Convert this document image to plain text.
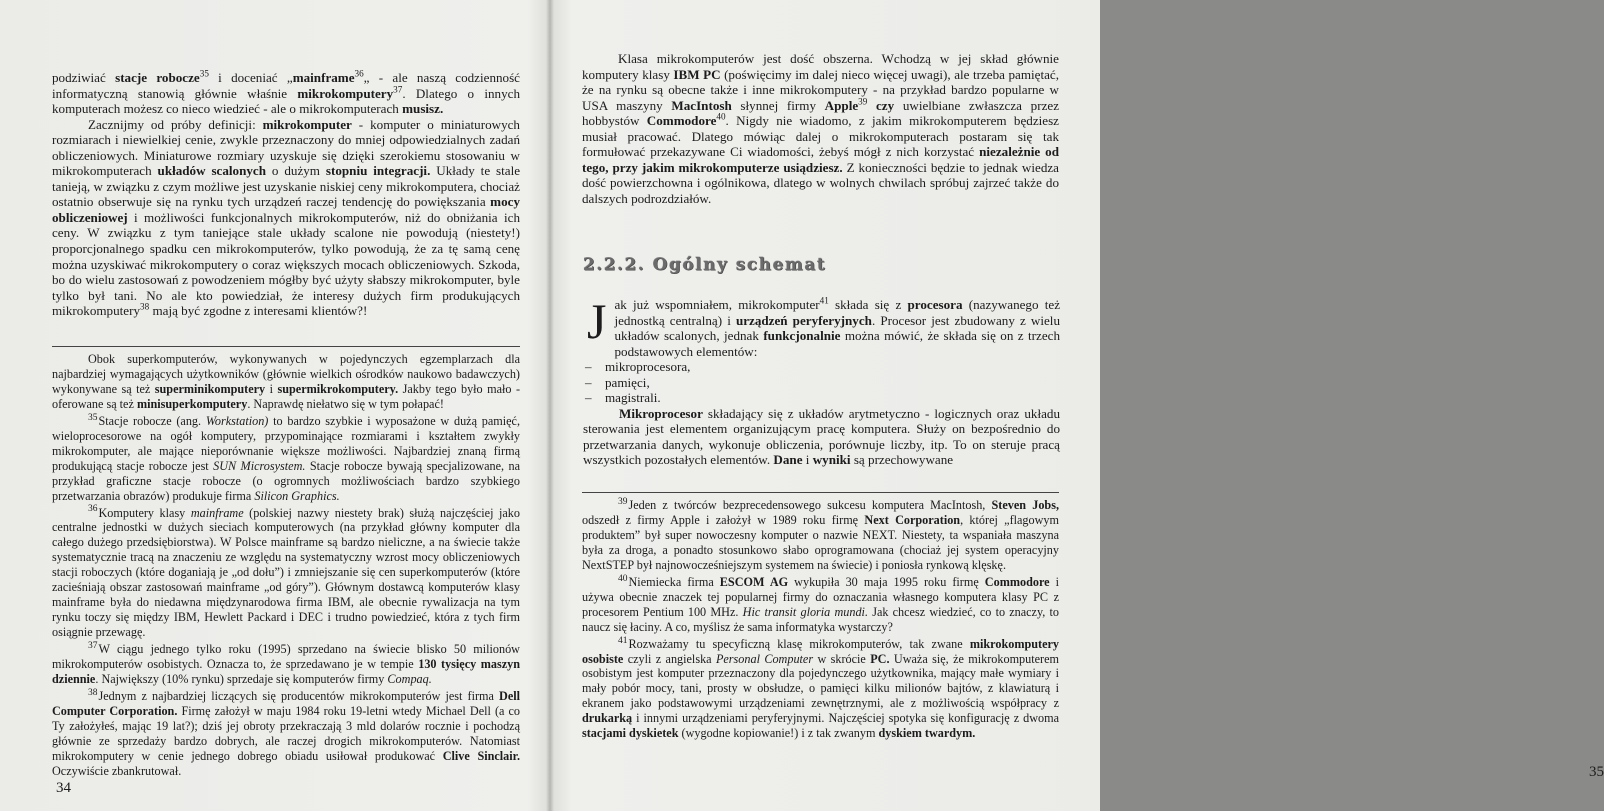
podziwiać stacje robocze$^{35}$ i doceniać „mainframe$^{36}$„ - ale naszą codzienność informatyczną stanowią głównie właśnie mikrokomputery$^{37}$. Dlatego o innych komputerach możesz co nieco wiedzieć - ale o mikrokomputerach musisz.

Zacznijmy od próby definicji: mikrokomputer - komputer o miniaturowych rozmiarach i niewielkiej cenie, zwykle przeznaczony do mniej odpowiedzialnych zadań obliczeniowych. Miniaturowe rozmiary uzyskuje się dzięki szerokiemu stosowaniu w mikrokomputerach układów scalonych o dużym stopniu integracji. Układy te stale tanieją, w związku z czym możliwe jest uzyskanie niskiej ceny mikrokomputera, chociaż ostatnio obserwuje się na rynku tych urządzeń raczej tendencję do powiększania mocy obliczeniowej i możliwości funkcjonalnych mikrokomputerów, niż do obniżania ich ceny. W związku z tym taniejące stale układy scalone nie powodują (niestety!) proporcjonalnego spadku cen mikrokomputerów, tylko powodują, że za tę samą cenę można uzyskiwać mikrokomputery o coraz większych mocach obliczeniowych. Szkoda, bo do wielu zastosowań z powodzeniem mógłby być użyty słabszy mikrokomputer, byle tylko był tani. No ale kto powiedział, że interesy dużych firm produkujących mikrokomputery$^{38}$ mają być zgodne z interesami klientów?!

Obok superkomputerów, wykonywanych w pojedynczych egzemplarzach dla najbardziej wymagających użytkowników (głównie wielkich ośrodków naukowo badawczych) wykonywane są też superminikomputery i supermikrokomputery. Jakby tego było mało - oferowane są też minisuperkomputery. Naprawdę niełatwo się w tym połapać!

$^{35}$Stacje robocze (ang. Workstation) to bardzo szybkie i wyposażone w dużą pamięć, wieloprocesorowe na ogół komputery, przypominające rozmiarami i kształtem zwykły mikrokomputer, ale mające nieporównanie większe możliwości. Najbardziej znaną firmą produkującą stacje robocze jest SUN Microsystem. Stacje robocze bywają specjalizowane, na przykład graficzne stacje robocze (o ogromnych możliwościach bardzo szybkiego przetwarzania obrazów) produkuje firma Silicon Graphics.

$^{36}$Komputery klasy mainframe (polskiej nazwy niestety brak) służą najczęściej jako centralne jednostki w dużych sieciach komputerowych (na przykład główny komputer dla całego dużego przedsiębiorstwa). W Polsce mainframe są bardzo nieliczne, a na świecie także systematycznie tracą na znaczeniu ze względu na systematyczny wzrost mocy obliczeniowych stacji roboczych (które doganiają je „od dołu”) i zmniejszanie się cen superkomputerów (które zacieśniają obszar zastosowań mainframe „od góry”). Głównym dostawcą komputerów klasy mainframe była do niedawna międzynarodowa firma IBM, ale obecnie rywalizacja na tym rynku toczy się między IBM, Hewlett Packard i DEC i trudno powiedzieć, która z tych firm osiągnie przewagę.

$^{37}$W ciągu jednego tylko roku (1995) sprzedano na świecie blisko 50 milionów mikrokomputerów osobistych. Oznacza to, że sprzedawano je w tempie 130 tysięcy maszyn dziennie. Największy (10% rynku) sprzedaje się komputerów firmy Compaq.

$^{38}$Jednym z najbardziej liczących się producentów mikrokomputerów jest firma Dell Computer Corporation. Firmę założył w maju 1984 roku 19-letni wtedy Michael Dell (a co Ty założyłeś, mając 19 lat?); dziś jej obroty przekraczają 3 mld dolarów rocznie i pochodzą głównie ze sprzedaży bardzo dobrych, ale raczej drogich mikrokomputerów. Natomiast mikrokomputery w cenie jednego dobrego obiadu usiłował produkować Clive Sinclair. Oczywiście zbankrutował.

34

Klasa mikrokomputerów jest dość obszerna. Wchodzą w jej skład głównie komputery klasy IBM PC (poświęcimy im dalej nieco więcej uwagi), ale trzeba pamiętać, że na rynku są obecne także i inne mikrokomputery - na przykład bardzo popularne w USA maszyny MacIntosh słynnej firmy Apple$^{39}$ czy uwielbiane zwłaszcza przez hobbystów Commodore$^{40}$. Nigdy nie wiadomo, z jakim mikrokomputerem będziesz musiał pracować. Dlatego mówiąc dalej o mikrokomputerach postaram się tak formułować przekazywane Ci wiadomości, żebyś mógł z nich korzystać niezależnie od tego, przy jakim mikrokomputerze usiądziesz. Z konieczności będzie to jednak wiedza dość powierzchowna i ogólnikowa, dlatego w wolnych chwilach spróbuj zajrzeć także do dalszych podrozdziałów.

$^{39}$Jeden z twórców bezprecedensowego sukcesu komputera MacIntosh, Steven Jobs, odszedł z firmy Apple i założył w 1989 roku firmę Next Corporation, której „flagowym produktem” był super nowoczesny komputer o nazwie NEXT. Niestety, ta wspaniała maszyna była za droga, a ponadto stosunkowo słabo oprogramowana (chociaż jej system operacyjny NextSTEP był najnowocześniejszym systemem na świecie) i poniosła rynkową klęskę.

$^{40}$Niemiecka firma ESCOM AG wykupiła 30 maja 1995 roku firmę Commodore i używa obecnie znaczek tej popularnej firmy do oznaczania własnego komputera klasy PC z procesorem Pentium 100 MHz. Hic transit gloria mundi. Jak chcesz wiedzieć, co to znaczy, to naucz się łaciny. A co, myślisz że sama informatyka wystarczy?

$^{41}$Rozważamy tu specyficzną klasę mikrokomputerów, tak zwane mikrokomputery osobiste czyli z angielska Personal Computer w skrócie PC. Uważa się, że mikrokomputerem osobistym jest komputer przeznaczony dla pojedynczego użytkownika, mający małe wymiary i mały pobór mocy, tani, prosty w obsłudze, o pamięci kilku milionów bajtów, z klawiaturą i ekranem jako podstawowymi urządzeniami zewnętrznymi, ale z możliwością współpracy z drukarką i innymi urządzeniami peryferyjnymi. Najczęściej spotyka się konfigurację z dwoma stacjami dyskietek (wygodne kopiowanie!) i z tak zwanym dyskiem twardym.

35
2.2.2. Ogólny schemat
J ak już wspomniałem, mikrokomputer$^{41}$ składa się z procesora (nazywanego też jednostką centralną) i urządzeń peryferyjnych. Procesor jest zbudowany z wielu układów scalonych, jednak funkcjonalnie można mówić, że składa się on z trzech podstawowych elementów:

– mikroprocesora,
– pamięci,
– magistrali.

Mikroprocesor składający się z układów arytmetyczno - logicznych oraz układu sterowania jest elementem organizującym pracę komputera. Służy on bezpośrednio do przetwarzania danych, wykonuje obliczenia, porównuje liczby, itp. To on steruje pracą wszystkich pozostałych elementów. Dane i wyniki są przechowywane
